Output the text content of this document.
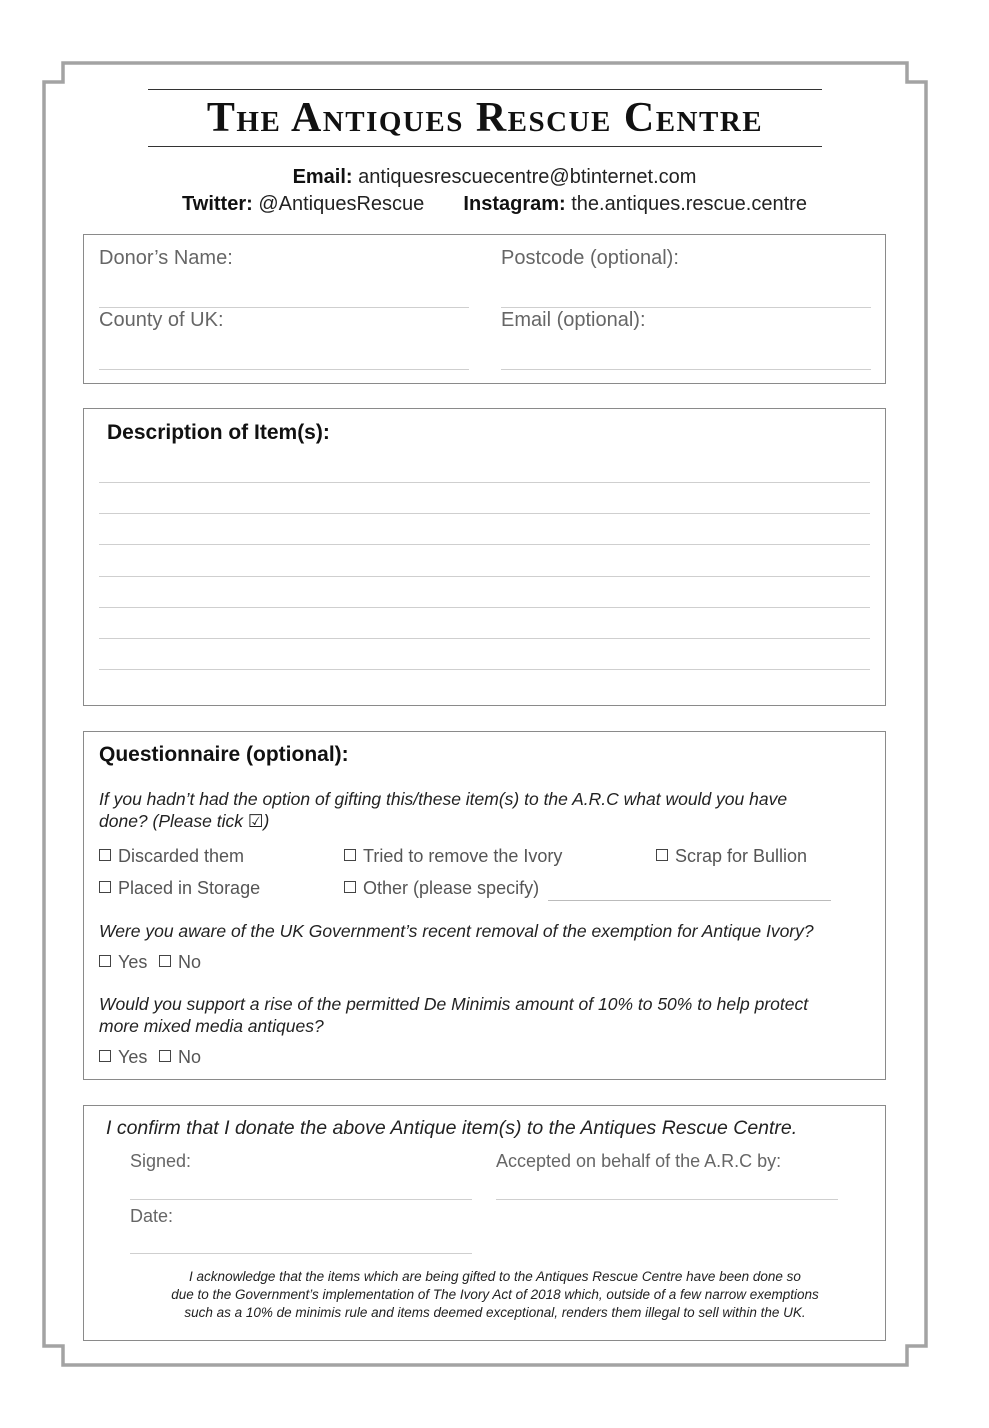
The Antiques Rescue Centre
Email: antiquesrescuecentre@btinternet.com
Twitter: @AntiquesRescue Instagram: the.antiques.rescue.centre
Donor’s Name:	Postcode (optional):
County of UK:	Email (optional):
Description of Item(s):
Questionnaire (optional):
If you hadn’t had the option of gifting this/these item(s) to the A.R.C what would you have
done? (Please tick ☑)
Discarded them	Tried to remove the Ivory	Scrap for Bullion
Placed in Storage	Other (please specify)
Were you aware of the UK Government’s recent removal of the exemption for Antique Ivory?
Yes	No
Would you support a rise of the permitted De Minimis amount of 10% to 50% to help protect
more mixed media antiques?
Yes	No
I confirm that I donate the above Antique item(s) to the Antiques Rescue Centre.
Signed:	Accepted on behalf of the A.R.C by:
Date:
I acknowledge that the items which are being gifted to the Antiques Rescue Centre have been done so
due to the Government’s implementation of The Ivory Act of 2018 which, outside of a few narrow exemptions
such as a 10% de minimis rule and items deemed exceptional, renders them illegal to sell within the UK.
